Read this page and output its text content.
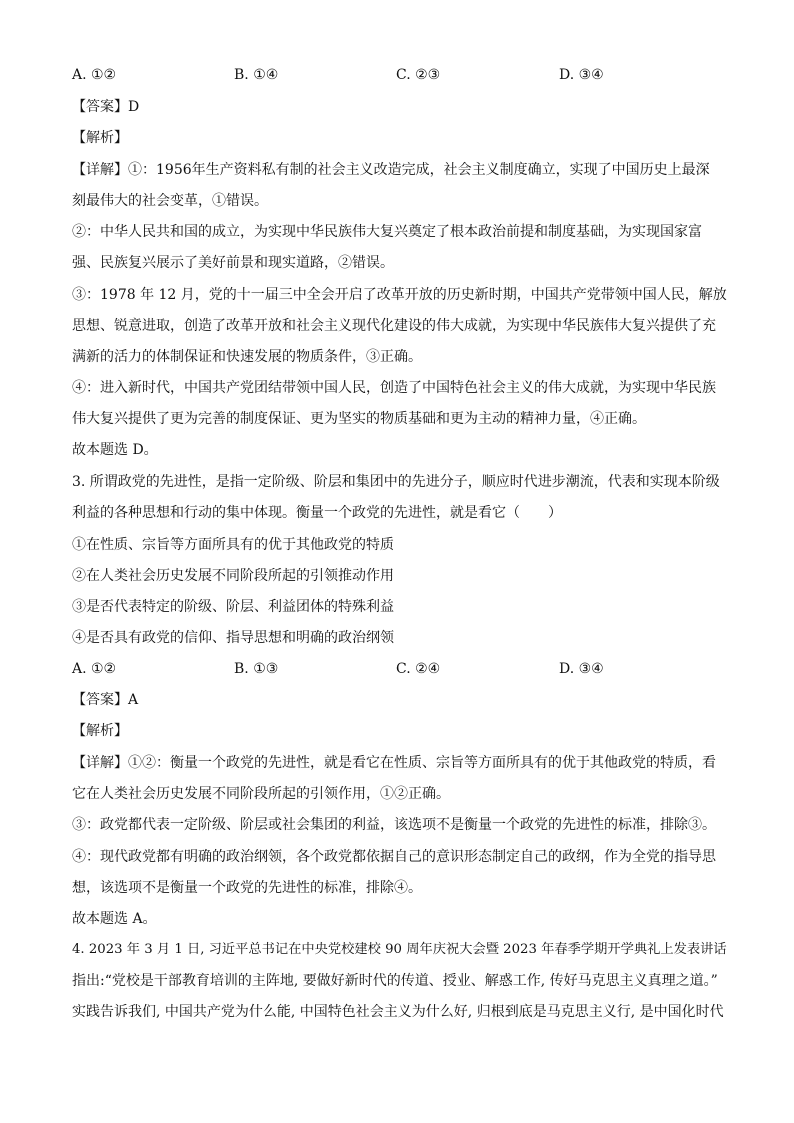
A. ①②	B. ①④	C. ②③	D. ③④
【答案】D
【解析】
【详解】①：1956年生产资料私有制的社会主义改造完成，社会主义制度确立，实现了中国历史上最深
刻最伟大的社会变革，①错误。
②：中华人民共和国的成立，为实现中华民族伟大复兴奠定了根本政治前提和制度基础，为实现国家富
强、民族复兴展示了美好前景和现实道路，②错误。
③：1978 年 12 月，党的十一届三中全会开启了改革开放的历史新时期，中国共产党带领中国人民，解放
思想、锐意进取，创造了改革开放和社会主义现代化建设的伟大成就，为实现中华民族伟大复兴提供了充
满新的活力的体制保证和快速发展的物质条件，③正确。
④：进入新时代，中国共产党团结带领中国人民，创造了中国特色社会主义的伟大成就，为实现中华民族
伟大复兴提供了更为完善的制度保证、更为坚实的物质基础和更为主动的精神力量，④正确。
故本题选 D。
3. 所谓政党的先进性，是指一定阶级、阶层和集团中的先进分子，顺应时代进步潮流，代表和实现本阶级
利益的各种思想和行动的集中体现。衡量一个政党的先进性，就是看它（　　）
①在性质、宗旨等方面所具有的优于其他政党的特质
②在人类社会历史发展不同阶段所起的引领推动作用
③是否代表特定的阶级、阶层、利益团体的特殊利益
④是否具有政党的信仰、指导思想和明确的政治纲领
A. ①②	B. ①③	C. ②④	D. ③④
【答案】A
【解析】
【详解】①②：衡量一个政党的先进性，就是看它在性质、宗旨等方面所具有的优于其他政党的特质，看
它在人类社会历史发展不同阶段所起的引领作用，①②正确。
③：政党都代表一定阶级、阶层或社会集团的利益，该选项不是衡量一个政党的先进性的标准，排除③。
④：现代政党都有明确的政治纲领，各个政党都依据自己的意识形态制定自己的政纲，作为全党的指导思
想，该选项不是衡量一个政党的先进性的标准，排除④。
故本题选 A。
4. 2023 年 3 月 1 日, 习近平总书记在中央党校建校 90 周年庆祝大会暨 2023 年春季学期开学典礼上发表讲话
指出:“党校是干部教育培训的主阵地, 要做好新时代的传道、授业、解惑工作, 传好马克思主义真理之道。”
实践告诉我们, 中国共产党为什么能, 中国特色社会主义为什么好, 归根到底是马克思主义行, 是中国化时代
